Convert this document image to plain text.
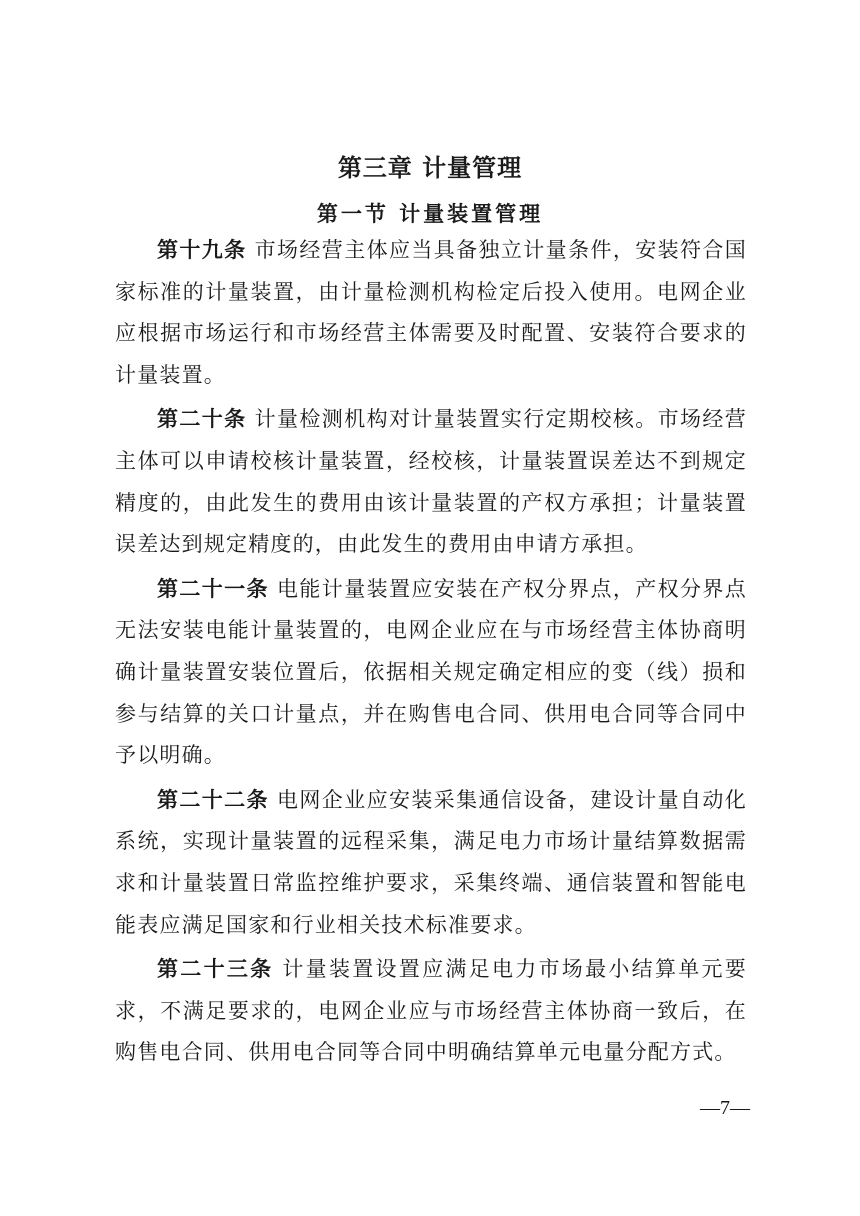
第三章 计量管理
第一节 计量装置管理

第十九条 市场经营主体应当具备独立计量条件，安装符合国家标准的计量装置，由计量检测机构检定后投入使用。电网企业应根据市场运行和市场经营主体需要及时配置、安装符合要求的计量装置。

第二十条 计量检测机构对计量装置实行定期校核。市场经营主体可以申请校核计量装置，经校核，计量装置误差达不到规定精度的，由此发生的费用由该计量装置的产权方承担；计量装置误差达到规定精度的，由此发生的费用由申请方承担。

第二十一条 电能计量装置应安装在产权分界点，产权分界点无法安装电能计量装置的，电网企业应在与市场经营主体协商明确计量装置安装位置后，依据相关规定确定相应的变（线）损和参与结算的关口计量点，并在购售电合同、供用电合同等合同中予以明确。

第二十二条 电网企业应安装采集通信设备，建设计量自动化系统，实现计量装置的远程采集，满足电力市场计量结算数据需求和计量装置日常监控维护要求，采集终端、通信装置和智能电能表应满足国家和行业相关技术标准要求。

第二十三条 计量装置设置应满足电力市场最小结算单元要求，不满足要求的，电网企业应与市场经营主体协商一致后，在购售电合同、供用电合同等合同中明确结算单元电量分配方式。

—7—
